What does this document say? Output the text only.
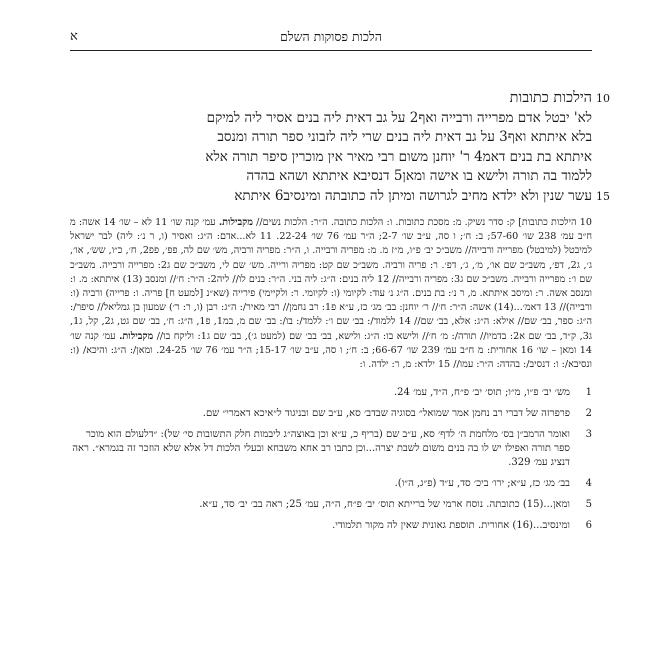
הלכות פסוקות השלם
א
10
הילכות כתובות
לא' יבטל אדם מפרייה ורבייה ואף2 על גב דאית ליה בנים אסיר ליה למיקם
בלא איתתא ואף3 על גב דאית ליה בנים שרי ליה לזבוני ספר תורה ומנסב
איתתא בת בנים דאמ4 ר' יוחנן משום רבי מאיר אין מוכרין סיפר תורה אלא
ללמוד בה תורה ולישא בו אישה ומאן5 דנסיבא איתתא ושהא בהדה
15
עשר שנין ולא ילדא מחיב לגרושה ומיתן לה כתובתה ומינסיב6 איתתא
10 הילכות כתובות] ק: סדר נשיק. מ: מסכת כתובות. ו: הלכות כתובה. ה״ר: הלכות נשים// מקבילות. עמ׳ קנה שו׳ 11 לא – שו׳ 14 אשה: מ ח״ב עמ׳ 238 שו׳ 57-60; ב: ח׳; ו סה, ע״ב שו׳ 2-7; ה״ר עמ׳ 76 שו׳ 22-24. 11 לא...אדם: ה״ג: ואסיר (ו, ר נ׳: ליה) לבר ישראל למיבטל (למיבטל) מפרייה ורבייה// משב״כ יב׳ פ״ו, מ״ז מ. מ: מפריה ורבייה. ו, ה״ר: מפריה ורביה, מש׳ שם לה, פפ׳, פפ2, ח׳, כ״ו, שש׳, או׳, ג׳, ג2, דפ׳, משב״כ שם או׳, מ׳, ג׳, דפ׳. ר: פריה ורביה. משב״כ שם קט: מפריה ורייה. מש׳ שם לי, משב״כ שם ג2: מפרייה ורבייה. משב״כ שם ו׳: מפרייה ורבייה. משב״כ שם ג3: מפריה ורבייה// 12 ליה בנים: ה״ג: ליה בני. ה״ר: בנים לו// ליה2: ה״ר: ח׳// ומנסב (13) איתתא: מ. ו: ומנסב אשה. ר: ומיסב איתתא. מ, ר נ׳: בת בנים. ה״ג נ׳ עוד: לקיומי (ו: לקיומי. ר: ולקיימי) פירייה (שא״נ [למעט ח] פריה. ו: פרייה) ורביה (ו: ורבייה)// 13 דאמ׳...(14) אשה: ה״ר: ח׳// ר׳ יוחנן: בב׳ מג׳ כז, ע״א פ1: רב נחמן// רבי מאיר/: ה״ג: רבן (ו, ר: ר׳) שמעון בן גמליאל// סיפר/: ה״ג: ספר, בב׳ שם// אילא: ה״ג: אלא, בב׳ שם// 14 ללמוד/: בב׳ שם ו׳: ללמד/: בו/: בב׳ שם מ, במ1, פ1, ה״ג: ח׳, בב׳ שם גט, ג2, קל, ג1, ג3, ק״ד, בב׳ שם א2: בדמיו// תורה/: מ׳ ח׳// ולישא בו: ה״ג: ולישא, בב׳ בב׳ שם (למעט ג׳), בב׳ שם ג1: וליקח בו// מקבילות. עמ׳ קנה שו׳ 14 ומאן – שו׳ 16 אחורית: מ ח״ב עמ׳ 239 שו׳ 66-67; ב: ח׳; ו סה, ע״ב שו׳ 15-17; ה״ר עמ׳ 76 שו׳ 24-25. ומאן/: ה״ג: והיכא/ (ו: ונסיבא/: ו: דנסיב/: בהדה: ה״ר: עמו// 15 ילדא: מ, ר: ילדה. ו:
1
מש׳ יב׳ פ״ו, מ״ו; תוס׳ יב׳ פ״ח, ה״ד, עמ׳ 24.
2
פרפרזה של דברי רב נחמן אמר שמואל״ בסוגיה שבדב׳ סא, ע״ב שם ובניגוד ל״איכא דאמרי״ שם.
3
ואומר הרמב״ן בס׳ מלחמת ה׳ לדף׳ סא, ע״ב שם (בריף כ, ע״א וכן באוצה״ג ליבמות חלק התשובות סי׳ של): ״דלעולם הוא מוכר ספר תורה ואפילו יש לו בה בנים משום לשבת יצרה...וכן כתבו רב אחא משבחא ובעלי הלכות דל אלא שלא הוזכר זה בגמרא״. ראה דנציג עמ׳ 329.
4
בב׳ מג׳ כז, ע״א; ירו׳ ביכ׳ סד, ע״ד (פ״ג, ה״ו).
5
ומאן...(15) כתובתה. נוסח ארמי של ברייתא תוס׳ יב׳ פ״ח, ה״ה, עמ׳ 25; ראה בב׳ יב׳ סד, ע״א.
6
ומינסיב...(16) אחורית. תוספת גאונית שאין לה מקור תלמודי.
